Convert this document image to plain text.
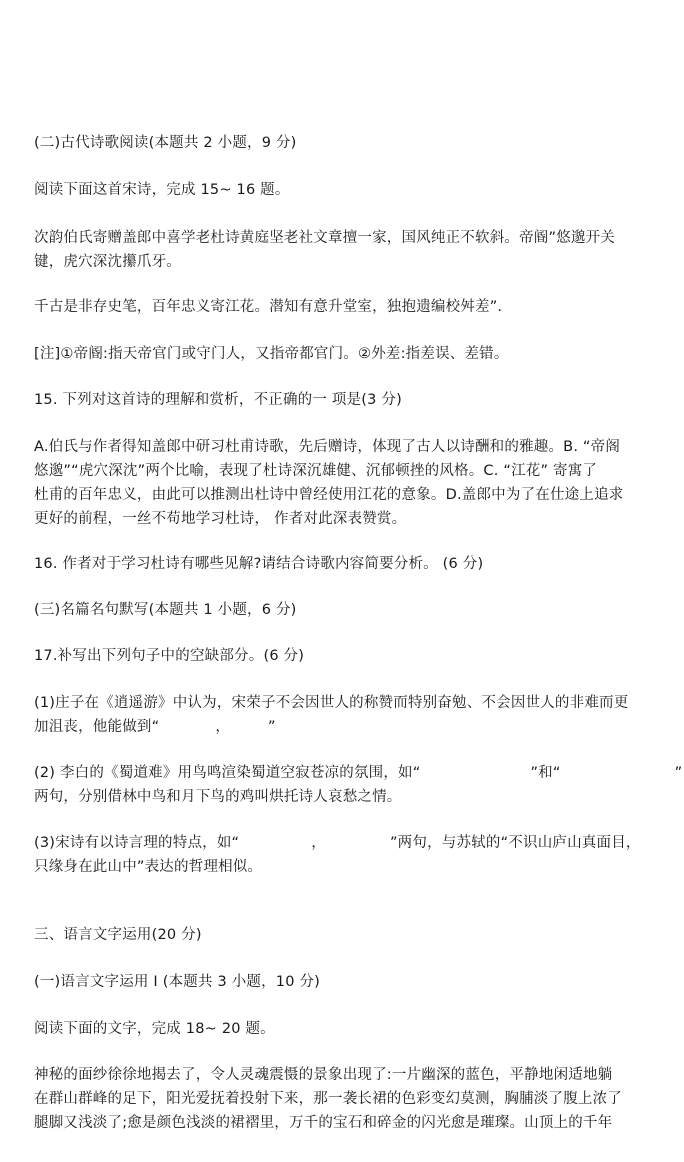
(二)古代诗歌阅读(本题共 2 小题，9 分)
阅读下面这首宋诗，完成 15~ 16 题。
次韵伯氏寄赠盖郎中喜学老杜诗黄庭坚老社文章擅一家，国风纯正不软斜。帝阍”悠邈开关
键，虎穴深沈攥爪牙。
千古是非存史笔，百年忠义寄江花。潜知有意升堂室，独抱遗编校舛差”.
[注]①帝阍:指天帝官门或守门人，又指帝都官门。②外差:指差误、差错。
15. 下列对这首诗的理解和赏析，不正确的一 项是(3 分)
A.伯氏与作者得知盖郎中研习杜甫诗歌，先后赠诗，体现了古人以诗酬和的雅趣。B. “帝阁
悠邈”“虎穴深沈”两个比喻，表现了杜诗深沉雄健、沉郁顿挫的风格。C. “江花” 寄寓了
杜甫的百年忠义，由此可以推测出杜诗中曾经使用江花的意象。D.盖郎中为了在仕途上追求
更好的前程，一丝不苟地学习杜诗， 作者对此深表赞赏。
16. 作者对于学习杜诗有哪些见解?请结合诗歌内容简要分析。 (6 分)
(三)名篇名句默写(本题共 1 小题，6 分)
17.补写出下列句子中的空缺部分。(6 分)
(1)庄子在《逍遥游》中认为，宋荣子不会因世人的称赞而特别奋勉、不会因世人的非难而更
加沮丧，他能做到“	，	”
(2) 李白的《蜀道难》用鸟鸣渲染蜀道空寂苍凉的氛围，如“	”和“	”
两句，分别借林中鸟和月下鸟的鸡叫烘托诗人哀愁之情。
(3)宋诗有以诗言理的特点，如“	，	”两句，与苏轼的“不识山庐山真面目，
只缘身在此山中”表达的哲理相似。
三、语言文字运用(20 分)
(一)语言文字运用 I (本题共 3 小题，10 分)
阅读下面的文字，完成 18~ 20 题。
神秘的面纱徐徐地揭去了，令人灵魂震慑的景象出现了:一片幽深的蓝色，平静地闲适地躺
在群山群峰的足下，阳光爱抚着投射下来，那一袭长裙的色彩变幻莫测，胸脯淡了腹上浓了
腿脚又浅淡了;愈是颜色浅淡的裙褶里，万千的宝石和碎金的闪光愈是璀璨。山顶上的千年
